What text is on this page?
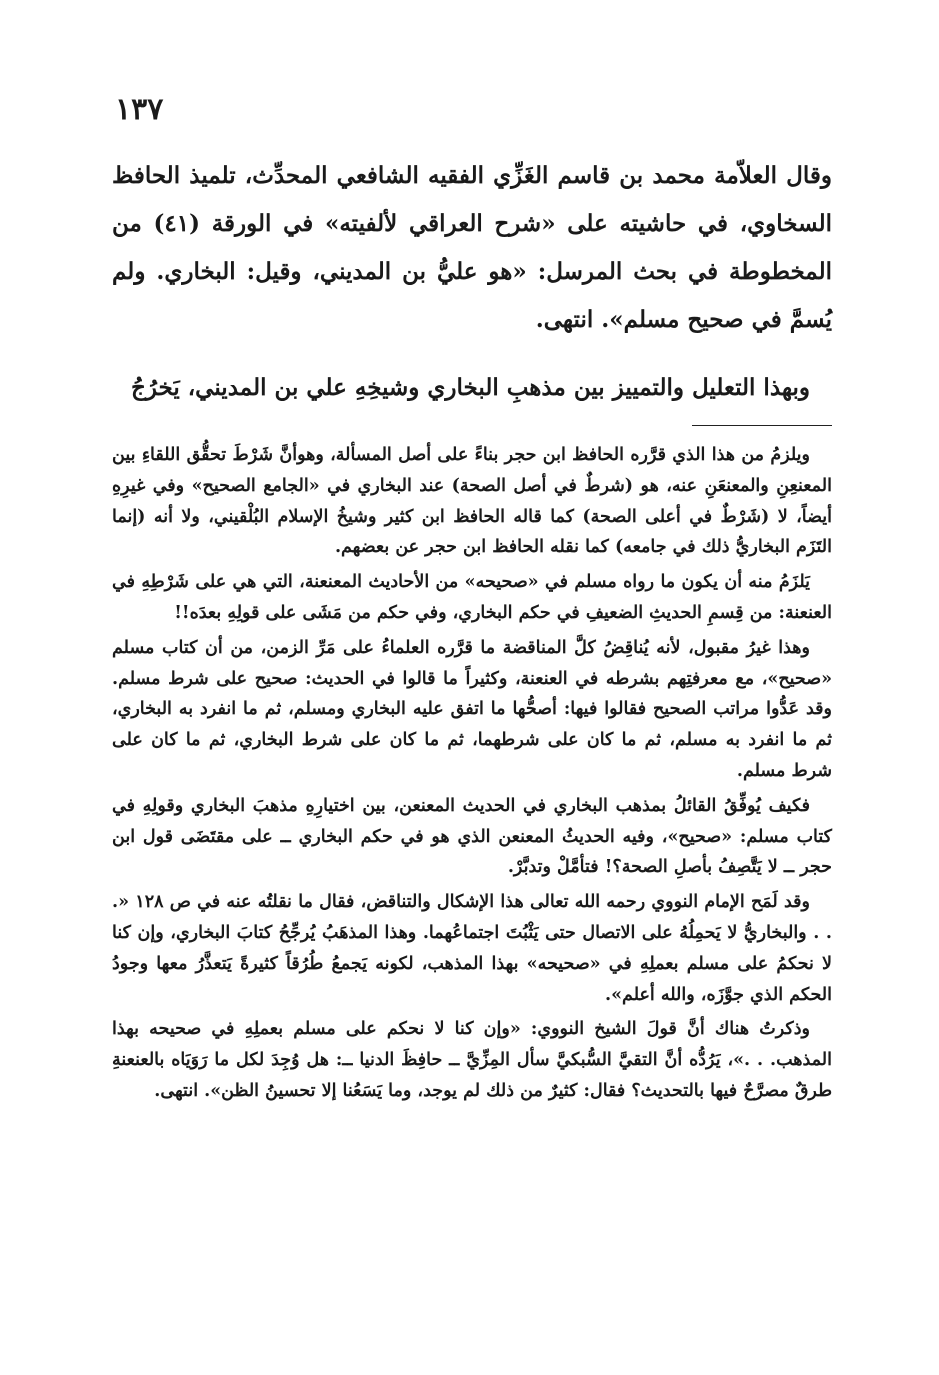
١٣٧

وقال العلاّمة محمد بن قاسم الغَزِّي الفقيه الشافعي المحدِّث، تلميذ الحافظ السخاوي، في حاشيته على «شرح العراقي لألفيته» في الورقة (٤١) من المخطوطة في بحث المرسل: «هو عليُّ بن المديني، وقيل: البخاري. ولم يُسمَّ في صحيح مسلم». انتهى.

وبهذا التعليل والتمييز بين مذهبِ البخاري وشيخِهِ علي بن المديني، يَخرُجُ

ويلزمُ من هذا الذي قرَّره الحافظ ابن حجر بناءً على أصل المسألة، وهوأنَّ شَرْطَ تحقُّق اللقاءِ بين المعنعِنِ والمعنعَنِ عنه، هو (شرطٌ في أصل الصحة) عند البخاري في «الجامع الصحيح» وفي غيرِهِ أيضاً، لا (شَرْطٌ في أعلى الصحة) كما قاله الحافظ ابن كثير وشيخُ الإسلام البُلْقيني، ولا أنه (إنما التَزَم البخاريُّ ذلك في جامعه) كما نقله الحافظ ابن حجر عن بعضهم.

يَلزَمُ منه أن يكون ما رواه مسلم في «صحيحه» من الأحاديث المعنعنة، التي هي على شَرْطِهِ في العنعنة: من قِسمِ الحديثِ الضعيفِ في حكم البخاري، وفي حكم من مَشَى على قولِهِ بعدَه!!

وهذا غيرُ مقبول، لأنه يُناقِضُ كلَّ المناقضة ما قرَّره العلماءُ على مَرِّ الزمن، من أن كتاب مسلم «صحيح»، مع معرفتِهم بشرطه في العنعنة، وكثيراً ما قالوا في الحديث: صحيح على شرط مسلم. وقد عَدُّوا مراتب الصحيح فقالوا فيها: أصحُّها ما اتفق عليه البخاري ومسلم، ثم ما انفرد به البخاري، ثم ما انفرد به مسلم، ثم ما كان على شرطهما، ثم ما كان على شرط البخاري، ثم ما كان على شرط مسلم.

فكيف يُوفِّقُ القائلُ بمذهب البخاري في الحديث المعنعن، بين اختيارِهِ مذهبَ البخاري وقولِهِ في كتاب مسلم: «صحيح»، وفيه الحديثُ المعنعن الذي هو في حكم البخاري ــ على مقتَضَى قول ابن حجر ــ لا يَتَّصِفُ بأصلِ الصحة؟! فتأمَّلْ وتدبَّرْ.

وقد لَمَح الإمام النووي رحمه الله تعالى هذا الإشكال والتناقض، فقال ما نقلتُه عنه في ص ١٢٨ «. . . والبخاريُّ لا يَحمِلُهُ على الاتصال حتى يَثْبُتَ اجتماعُهما. وهذا المذهَبُ يُرجِّحُ كتابَ البخاري، وإن كنا لا نحكمُ على مسلم بعملِهِ في «صحيحه» بهذا المذهب، لكونه يَجمعُ طُرُقاً كثيرةً يَتعذَّرُ معها وجودُ الحكم الذي جوَّزَه، والله أعلم».

وذكرتُ هناك أنَّ قولَ الشيخ النووي: «وإن كنا لا نحكم على مسلم بعملِهِ في صحيحه بهذا المذهب. . .»، يَرُدُّه أنَّ التقيَّ السُّبكيَّ سأل المِزِّيَّ ــ حافِظَ الدنيا ــ: هل وُجِدَ لكل ما رَوَيَاه بالعنعنةِ طرقٌ مصرَّحٌ فيها بالتحديث؟ فقال: كثيرٌ من ذلك لم يوجد، وما يَسَعُنا إلا تحسينُ الظن». انتهى.
